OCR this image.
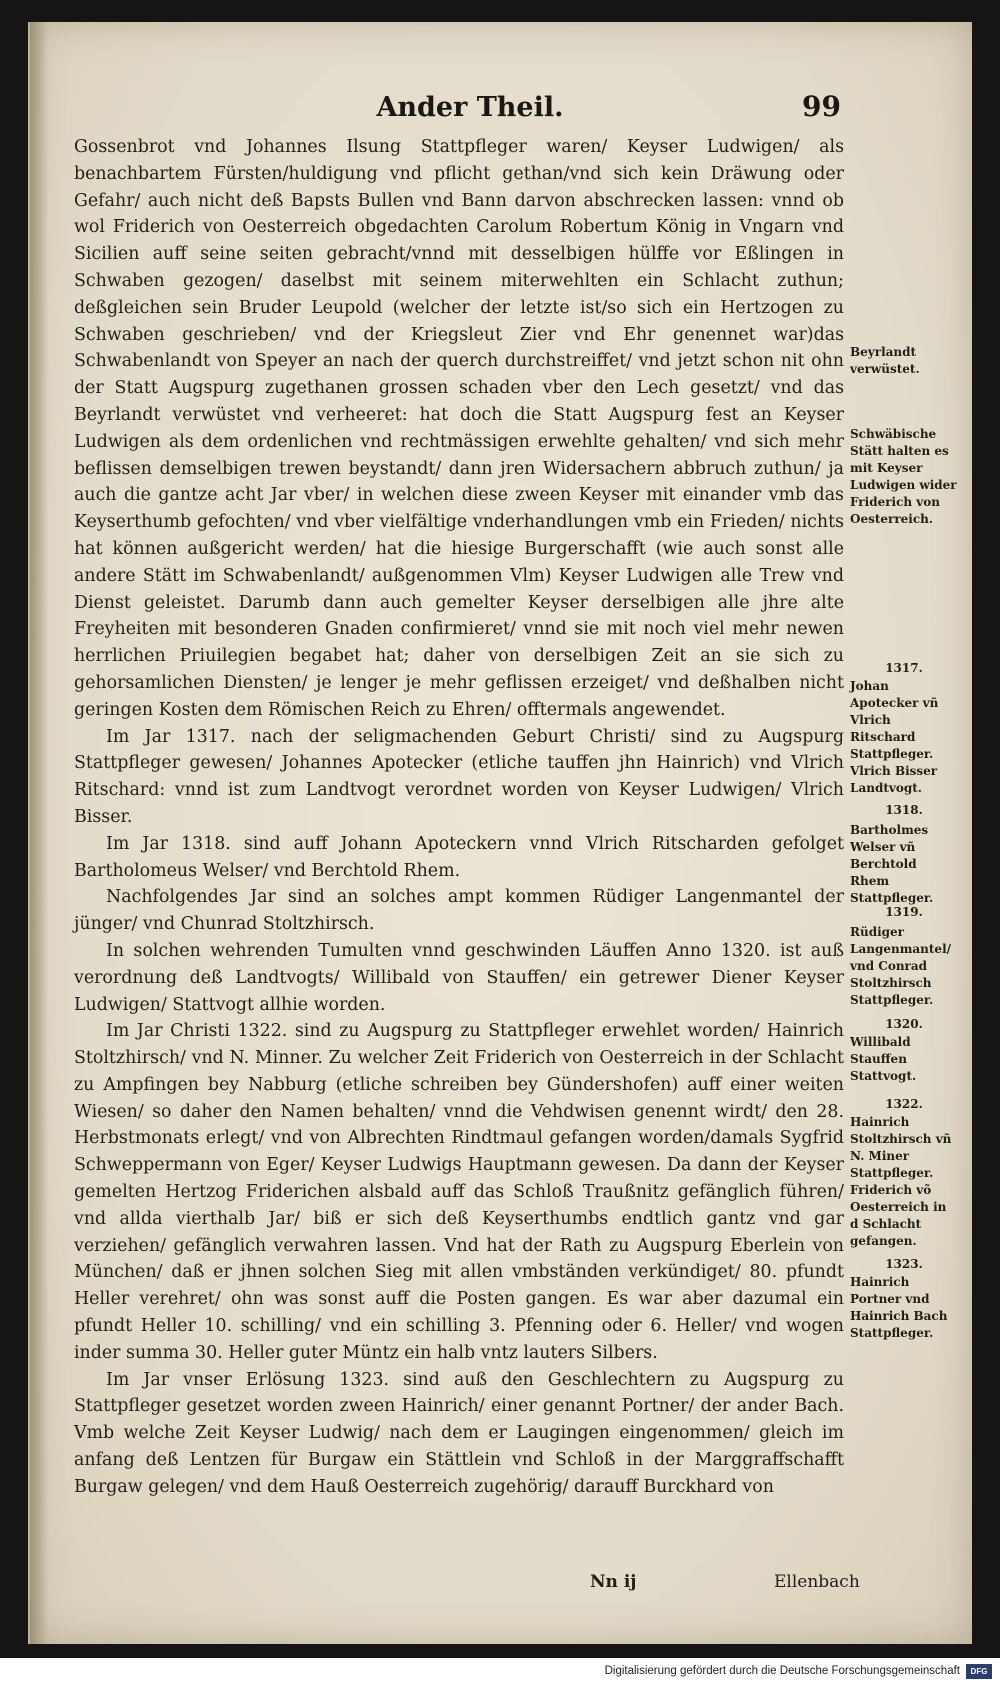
Ander Theil.	99

Gossenbrot vnd Johannes Ilsung Stattpfleger waren/ Keyser Ludwigen/ als benachbartem Fürsten/huldigung vnd pflicht gethan/vnd sich kein Dräwung oder Gefahr/ auch nicht deß Bapsts Bullen vnd Bann darvon abschrecken lassen: vnnd ob wol Friderich von Oesterreich obgedachten Carolum Robertum König in Vngarn vnd Sicilien auff seine seiten gebracht/vnnd mit desselbigen hülffe vor Eßlingen in Schwaben gezogen/ daselbst mit seinem miterwehlten ein Schlacht zuthun; deßgleichen sein Bruder Leupold (welcher der letzte ist/so sich ein Hertzogen zu Schwaben geschrieben/ vnd der Kriegsleut Zier vnd Ehr genennet war)das Schwabenlandt von Speyer an nach der querch durchstreiffet/ vnd jetzt schon nit ohn der Statt Augspurg zugethanen grossen schaden vber den Lech gesetzt/ vnd das Beyrlandt verwüstet vnd verheeret: hat doch die Statt Augspurg fest an Keyser Ludwigen als dem ordenlichen vnd rechtmässigen erwehlte gehalten/ vnd sich mehr beflissen demselbigen trewen beystandt/ dann jren Widersachern abbruch zuthun/ ja auch die gantze acht Jar vber/ in welchen diese zween Keyser mit einander vmb das Keyserthumb gefochten/ vnd vber vielfältige vnderhandlungen vmb ein Frieden/ nichts hat können außgericht werden/ hat die hiesige Burgerschafft (wie auch sonst alle andere Stätt im Schwabenlandt/ außgenommen Vlm) Keyser Ludwigen alle Trew vnd Dienst geleistet. Darumb dann auch gemelter Keyser derselbigen alle jhre alte Freyheiten mit besonderen Gnaden confirmieret/ vnnd sie mit noch viel mehr newen herrlichen Priuilegien begabet hat; daher von derselbigen Zeit an sie sich zu gehorsamlichen Diensten/ je lenger je mehr geflissen erzeiget/ vnd deßhalben nicht geringen Kosten dem Römischen Reich zu Ehren/ offtermals angewendet.

Im Jar 1317. nach der seligmachenden Geburt Christi/ sind zu Augspurg Stattpfleger gewesen/ Johannes Apotecker (etliche tauffen jhn Hainrich) vnd Vlrich Ritschard: vnnd ist zum Landtvogt verordnet worden von Keyser Ludwigen/ Vlrich Bisser.

Im Jar 1318. sind auff Johann Apoteckern vnnd Vlrich Ritscharden gefolget Bartholomeus Welser/ vnd Berchtold Rhem.

Nachfolgendes Jar sind an solches ampt kommen Rüdiger Langenmantel der jünger/ vnd Chunrad Stoltzhirsch.

In solchen wehrenden Tumulten vnnd geschwinden Läuffen Anno 1320. ist auß verordnung deß Landtvogts/ Willibald von Stauffen/ ein getrewer Diener Keyser Ludwigen/ Stattvogt allhie worden.

Im Jar Christi 1322. sind zu Augspurg zu Stattpfleger erwehlet worden/ Hainrich Stoltzhirsch/ vnd N. Minner. Zu welcher Zeit Friderich von Oesterreich in der Schlacht zu Ampfingen bey Nabburg (etliche schreiben bey Gündershofen) auff einer weiten Wiesen/ so daher den Namen behalten/ vnnd die Vehdwisen genennt wirdt/ den 28. Herbstmonats erlegt/ vnd von Albrechten Rindtmaul gefangen worden/damals Sygfrid Schweppermann von Eger/ Keyser Ludwigs Hauptmann gewesen. Da dann der Keyser gemelten Hertzog Friderichen alsbald auff das Schloß Traußnitz gefänglich führen/ vnd allda vierthalb Jar/ biß er sich deß Keyserthumbs endtlich gantz vnd gar verziehen/ gefänglich verwahren lassen. Vnd hat der Rath zu Augspurg Eberlein von München/ daß er jhnen solchen Sieg mit allen vmbständen verkündiget/ 80. pfundt Heller verehret/ ohn was sonst auff die Posten gangen. Es war aber dazumal ein pfundt Heller 10. schilling/ vnd ein schilling 3. Pfenning oder 6. Heller/ vnd wogen inder summa 30. Heller guter Müntz ein halb vntz lauters Silbers.

Im Jar vnser Erlösung 1323. sind auß den Geschlechtern zu Augspurg zu Stattpfleger gesetzet worden zween Hainrich/ einer genannt Portner/ der ander Bach. Vmb welche Zeit Keyser Ludwig/ nach dem er Laugingen eingenommen/ gleich im anfang deß Lentzen für Burgaw ein Stättlein vnd Schloß in der Marggraffschafft Burgaw gelegen/ vnd dem Hauß Oesterreich zugehörig/ darauff Burckhard von

Beyrlandt verwüstet.
Schwäbische Stätt halten es mit Keyser Ludwigen wider Friderich von Oesterreich.
1317.
Johan Apotecker vñ Vlrich Ritschard Stattpfleger. Vlrich Bisser Landtvogt.
1318.
Bartholmes Welser vñ Berchtold Rhem Stattpfleger.
1319.
Rüdiger Langenmantel/ vnd Conrad Stoltzhirsch Stattpfleger.
1320.
Willibald Stauffen Stattvogt.
1322.
Hainrich Stoltzhirsch vñ N. Miner Stattpfleger. Friderich võ Oesterreich in d Schlacht gefangen.
1323.
Hainrich Portner vnd Hainrich Bach Stattpfleger.
Nn ij	Ellenbach
Digitalisierung gefördert durch die Deutsche Forschungsgemeinschaft	DFG
